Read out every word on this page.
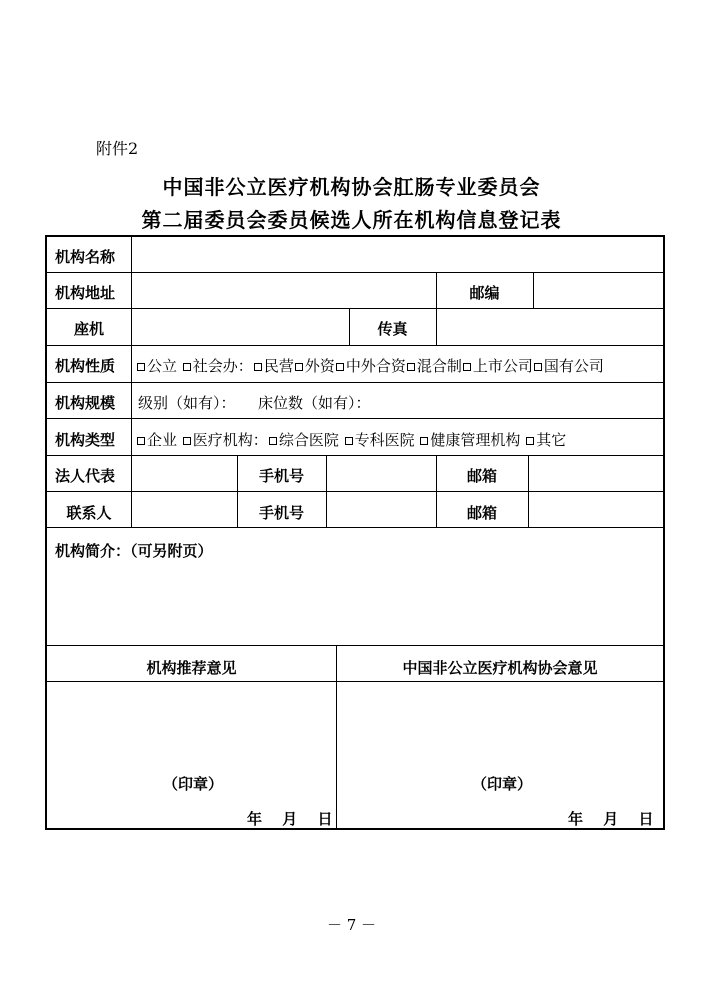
附件2
中国非公立医疗机构协会肛肠专业委员会
第二届委员会委员候选人所在机构信息登记表
机构名称
机构地址	邮编
座机	传真
机构性质	公立 社会办： 民营 外资 中外合资 混合制 上市公司 国有公司
机构规模 级别（如有）：　　床位数（如有）：
机构类型	企业 医疗机构： 综合医院 专科医院 健康管理机构 其它
法人代表	手机号	邮箱
联系人	手机号	邮箱
机构简介：（可另附页）
机构推荐意见	中国非公立医疗机构协会意见
（印章）	（印章）
年　 月　 日	年　 月　 日
－ 7 －
